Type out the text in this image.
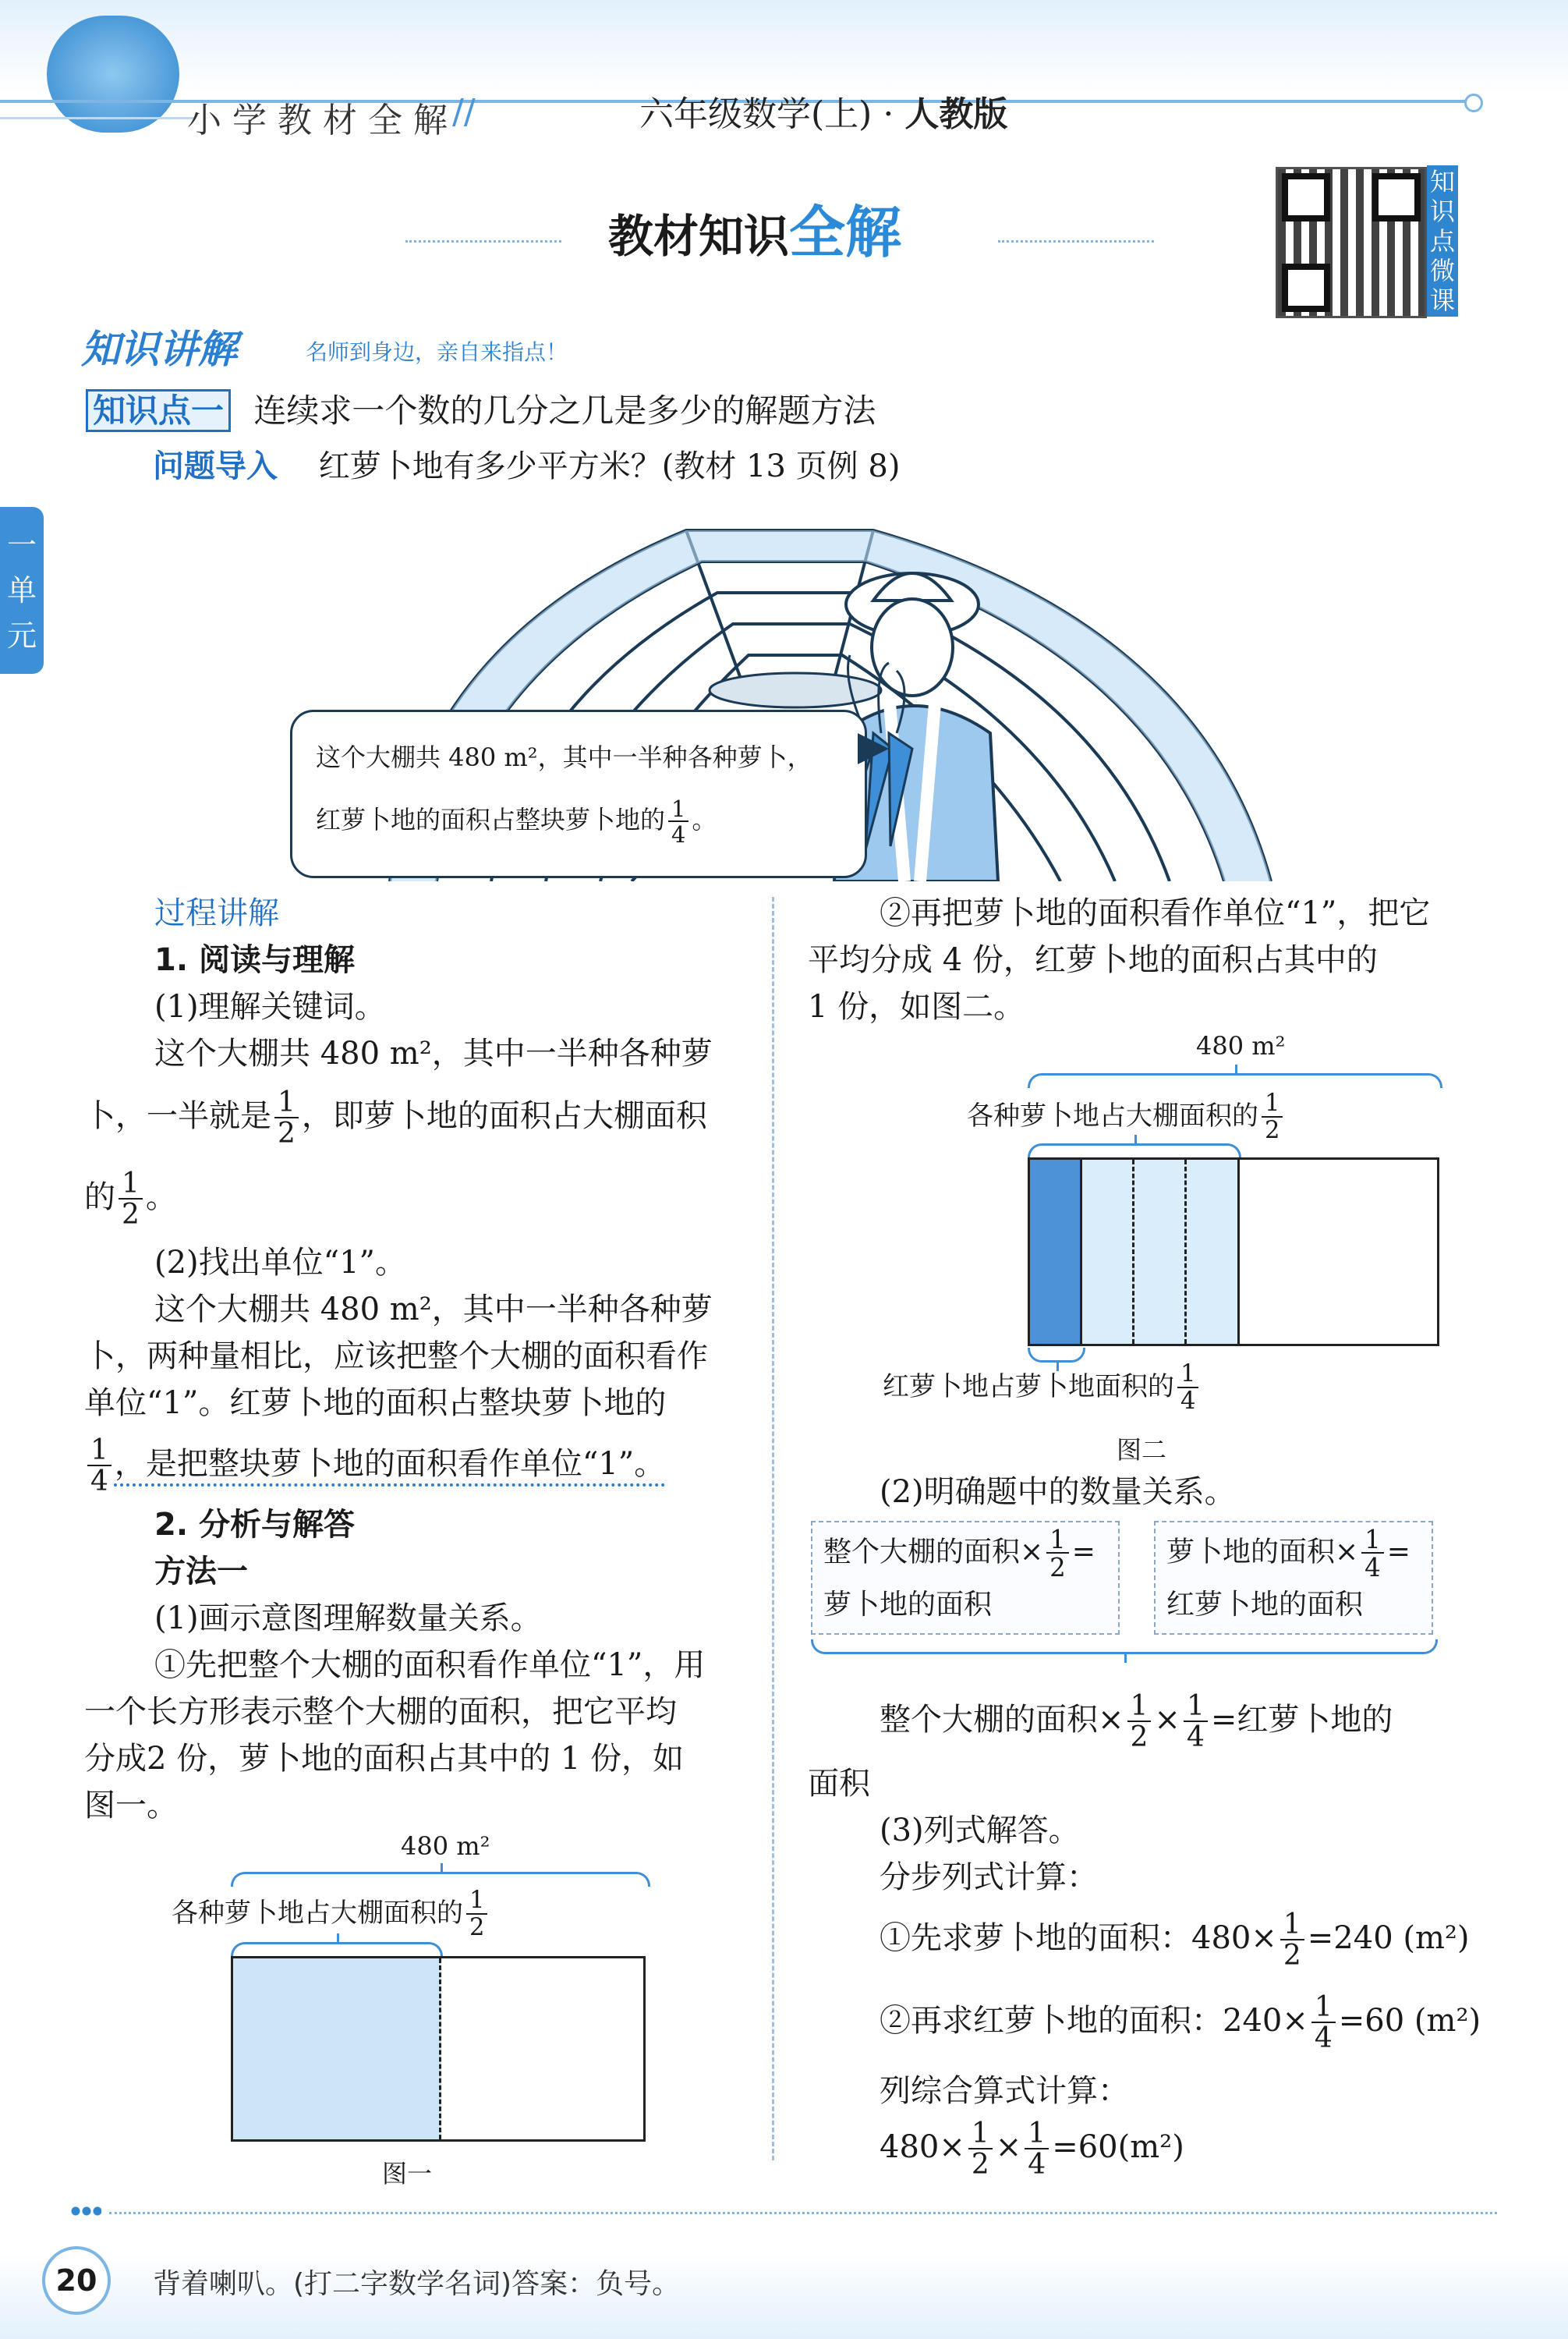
小学教材全解
//	六年级数学(上) · 人教版
教材知识全解
知识点微课
一单元
知识讲解	名师到身边，亲自来指点！
知识点一 连续求一个数的几分之几是多少的解题方法
问题导入 红萝卜地有多少平方米？(教材 13 页例 8)
这个大棚共 480 m²，其中一半种各种萝卜，
红萝卜地的面积占整块萝卜地的 $\frac{1}{4}$ 。
过程讲解
1. 阅读与理解
(1)理解关键词。
这个大棚共 480 m²，其中一半种各种萝
卜，一半就是 $\frac{1}{2}$ ，即萝卜地的面积占大棚面积
的 $\frac{1}{2}$ 。
(2)找出单位“1”。
这个大棚共 480 m²，其中一半种各种萝
卜，两种量相比，应该把整个大棚的面积看作
单位“1”。红萝卜地的面积占整块萝卜地的
$\frac{1}{4}$ ，是把整块萝卜地的面积看作单位“1”。
2. 分析与解答
方法一
(1)画示意图理解数量关系。
①先把整个大棚的面积看作单位“1”，用
一个长方形表示整个大棚的面积，把它平均
分成2 份，萝卜地的面积占其中的 1 份，如
图一。
480 m²
各种萝卜地占大棚面积的 $\frac{1}{2}$
图一
②再把萝卜地的面积看作单位“1”，把它
平均分成 4 份，红萝卜地的面积占其中的
1 份，如图二。
480 m²
各种萝卜地占大棚面积的 $\frac{1}{2}$
红萝卜地占萝卜地面积的 $\frac{1}{4}$
图二
(2)明确题中的数量关系。
整个大棚的面积× $\frac{1}{2}$ =
萝卜地的面积
萝卜地的面积× $\frac{1}{4}$ =
红萝卜地的面积
整个大棚的面积× $\frac{1}{2} \times \frac{1}{4}$ =红萝卜地的
面积
(3)列式解答。
分步列式计算：
①先求萝卜地的面积：$480\times \frac{1}{2} =240$ (m²)
②再求红萝卜地的面积：$240\times \frac{1}{4} =60$ (m²)
列综合算式计算：
$480\times \frac{1}{2} \times \frac{1}{4} =60(m^2)$
20	背着喇叭。(打二字数学名词)答案：负号。
